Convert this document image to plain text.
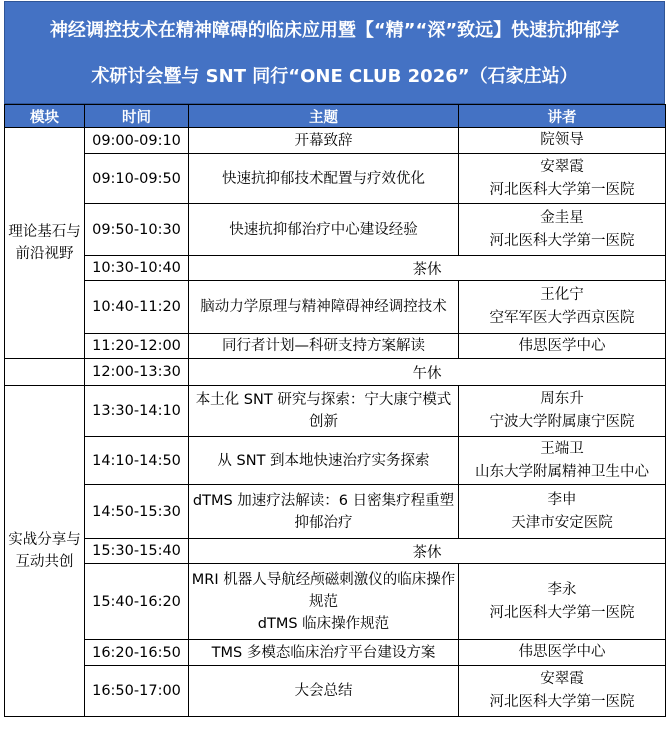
神经调控技术在精神障碍的临床应用暨【“精”“深”致远】快速抗抑郁学
术研讨会暨与 SNT 同行“ONE CLUB 2026”（石家庄站）
模块	时间	主题	讲者
理论基石与前沿视野	09:00-09:10	开幕致辞	院领导

	09:10-09:50	快速抗抑郁技术配置与疗效优化	安翠霞
河北医科大学第一医院

	09:50-10:30	快速抗抑郁治疗中心建设经验	金圭星
河北医科大学第一医院

	10:30-10:40	茶休	
	10:40-11:20	脑动力学原理与精神障碍神经调控技术	王化宁
空军军医大学西京医院

	11:20-12:00	同行者计划—科研支持方案解读	伟思医学中心

	12:00-13:30	午休	
实战分享与互动共创	13:30-14:10	本土化 SNT 研究与探索：宁大康宁模式创新	周东升
宁波大学附属康宁医院

	14:10-14:50	从 SNT 到本地快速治疗实务探索	王端卫
山东大学附属精神卫生中心

	14:50-15:30	dTMS 加速疗法解读：6 日密集疗程重塑抑郁治疗	李申
天津市安定医院

	15:30-15:40	茶休	
	15:40-16:20	MRI 机器人导航经颅磁刺激仪的临床操作规范
dTMS 临床操作规范	李永
河北医科大学第一医院

	16:20-16:50	TMS 多模态临床治疗平台建设方案	伟思医学中心

	16:50-17:00	大会总结	安翠霞
河北医科大学第一医院
